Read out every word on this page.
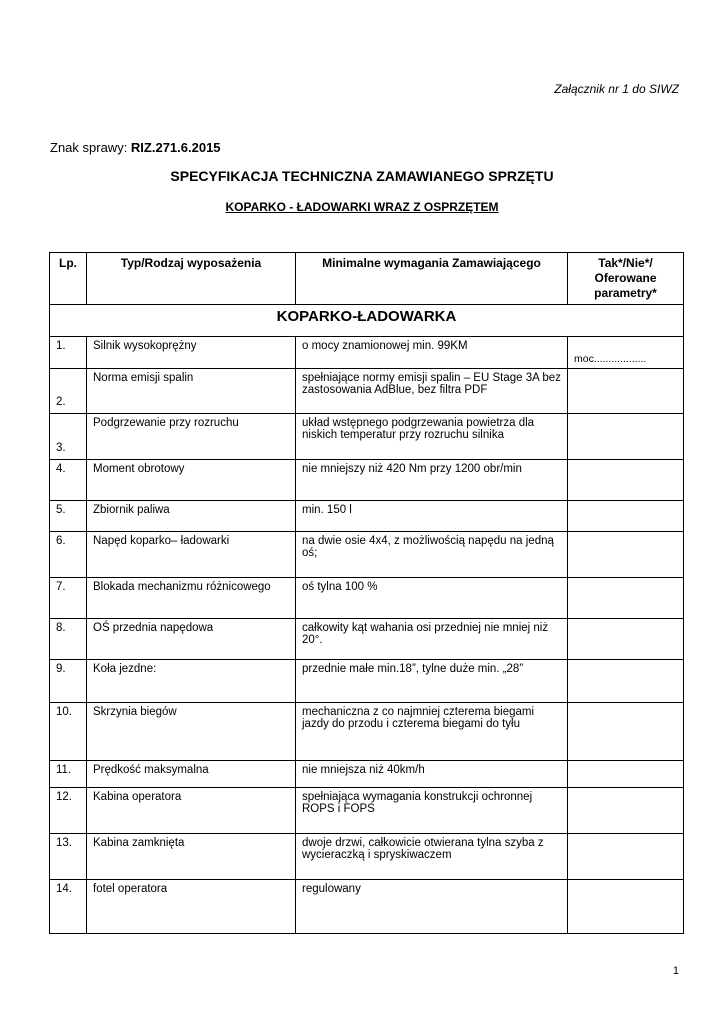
Załącznik nr 1 do SIWZ
Znak sprawy: RIZ.271.6.2015
SPECYFIKACJA TECHNICZNA ZAMAWIANEGO SPRZĘTU
KOPARKO - ŁADOWARKI WRAZ Z OSPRZĘTEM
Lp.	Typ/Rodzaj wyposażenia	Minimalne wymagania Zamawiającego	Tak*/Nie*/ Oferowane parametry*
KOPARKO-ŁADOWARKA			
1.	Silnik wysokoprężny	o mocy znamionowej min. 99KM	moc..................
2.	Norma emisji spalin	spełniające normy emisji spalin – EU Stage 3A bez zastosowania AdBlue, bez filtra PDF	
3.	Podgrzewanie przy rozruchu	układ wstępnego podgrzewania powietrza dla niskich temperatur przy rozruchu silnika	
4.	Moment obrotowy	nie mniejszy niż 420 Nm przy 1200 obr/min	
5.	Zbiornik paliwa	min. 150 l	
6.	Napęd koparko– ładowarki	na dwie osie 4x4, z możliwością napędu na jedną oś;	
7.	Blokada mechanizmu różnicowego	oś tylna 100 %	
8.	OŚ przednia napędowa	całkowity kąt wahania osi przedniej nie mniej niż 20°.	
9.	Koła jezdne:	przednie małe min.18”, tylne duże min. „28”	
10.	Skrzynia biegów	mechaniczna z co najmniej czterema biegami jazdy do przodu i czterema biegami do tyłu	
11.	Prędkość maksymalna	nie mniejsza niż 40km/h	
12.	Kabina operatora	spełniająca wymagania konstrukcji ochronnej ROPS i FOPS	
13.	Kabina zamknięta	dwoje drzwi, całkowicie otwierana tylna szyba z wycieraczką i spryskiwaczem	
14.	fotel operatora	regulowany	
1
